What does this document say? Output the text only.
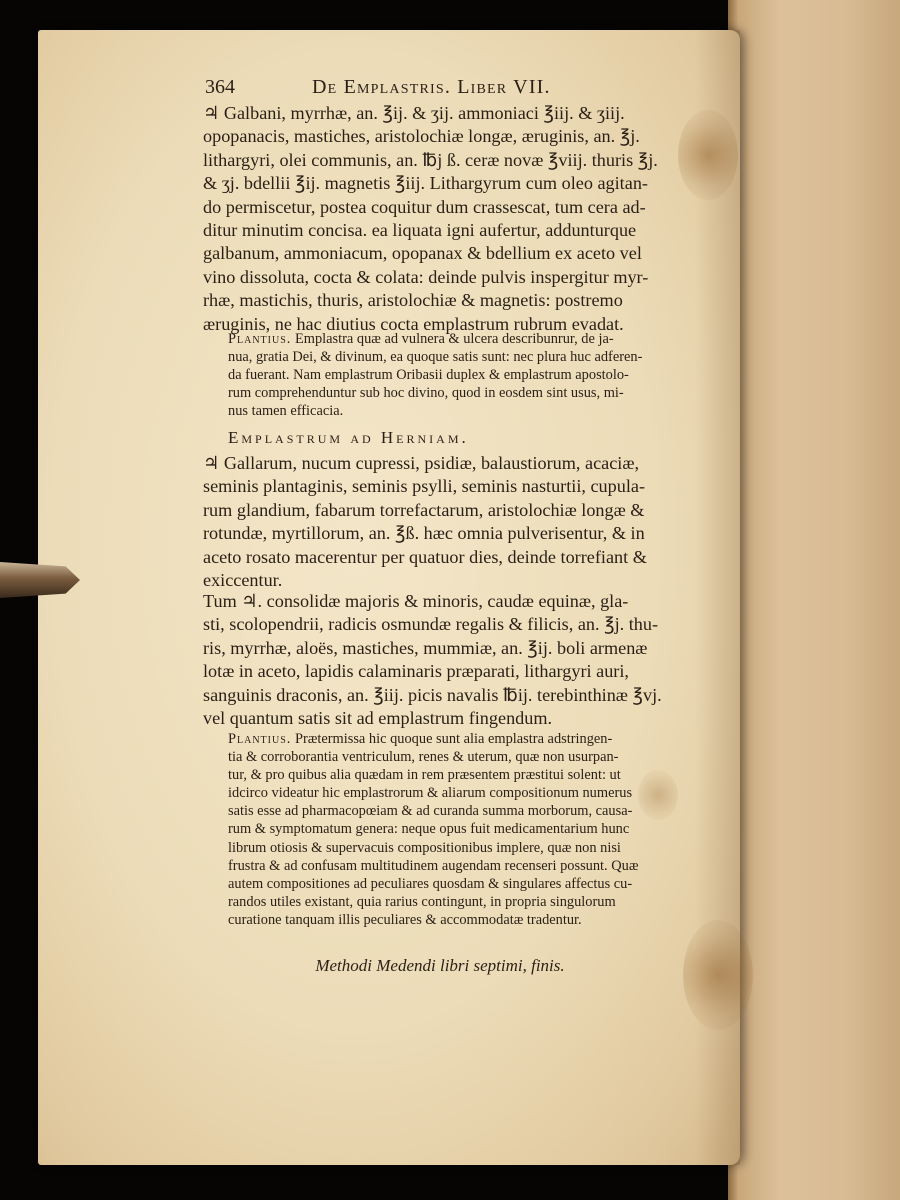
364	De Emplastris. Liber VII.

♃ Galbani, myrrhæ, an. ℥ij. & ʒij. ammoniaci ℥iij. & ʒiij.
opopanacis, mastiches, aristolochiæ longæ, æruginis, an. ℥j.
lithargyri, olei communis, an. ℔j ß. ceræ novæ ℥viij. thuris ℥j.
& ʒj. bdellii ℥ij. magnetis ℥iij. Lithargyrum cum oleo agitan-
do permiscetur, postea coquitur dum crassescat, tum cera ad-
ditur minutim concisa. ea liquata igni aufertur, addunturque
galbanum, ammoniacum, opopanax & bdellium ex aceto vel
vino dissoluta, cocta & colata: deinde pulvis inspergitur myr-
rhæ, mastichis, thuris, aristolochiæ & magnetis: postremo
æruginis, ne hac diutius cocta emplastrum rubrum evadat.

Plantius. Emplastra quæ ad vulnera & ulcera describunrur, de ja-
nua, gratia Dei, & divinum, ea quoque satis sunt: nec plura huc adferen-
da fuerant. Nam emplastrum Oribasii duplex & emplastrum apostolo-
rum comprehenduntur sub hoc divino, quod in eosdem sint usus, mi-
nus tamen efficacia.

Emplastrum ad Herniam.

♃ Gallarum, nucum cupressi, psidiæ, balaustiorum, acaciæ,
seminis plantaginis, seminis psylli, seminis nasturtii, cupula-
rum glandium, fabarum torrefactarum, aristolochiæ longæ &
rotundæ, myrtillorum, an. ℥ß. hæc omnia pulverisentur, & in
aceto rosato macerentur per quatuor dies, deinde torrefiant &
exiccentur.

Tum ♃. consolidæ majoris & minoris, caudæ equinæ, gla-
sti, scolopendrii, radicis osmundæ regalis & filicis, an. ℥j. thu-
ris, myrrhæ, aloës, mastiches, mummiæ, an. ℥ij. boli armenæ
lotæ in aceto, lapidis calaminaris præparati, lithargyri auri,
sanguinis draconis, an. ℥iij. picis navalis ℔ij. terebinthinæ ℥vj.
vel quantum satis sit ad emplastrum fingendum.

Plantius. Prætermissa hic quoque sunt alia emplastra adstringen-
tia & corroborantia ventriculum, renes & uterum, quæ non usurpan-
tur, & pro quibus alia quædam in rem præsentem præstitui solent: ut
idcirco videatur hic emplastrorum & aliarum compositionum numerus
satis esse ad pharmacopœiam & ad curanda summa morborum, causa-
rum & symptomatum genera: neque opus fuit medicamentarium hunc
librum otiosis & supervacuis compositionibus implere, quæ non nisi
frustra & ad confusam multitudinem augendam recenseri possunt. Quæ
autem compositiones ad peculiares quosdam & singulares affectus cu-
randos utiles existant, quia rarius contingunt, in propria singulorum
curatione tanquam illis peculiares & accommodatæ tradentur.

Methodi Medendi libri septimi, finis.
